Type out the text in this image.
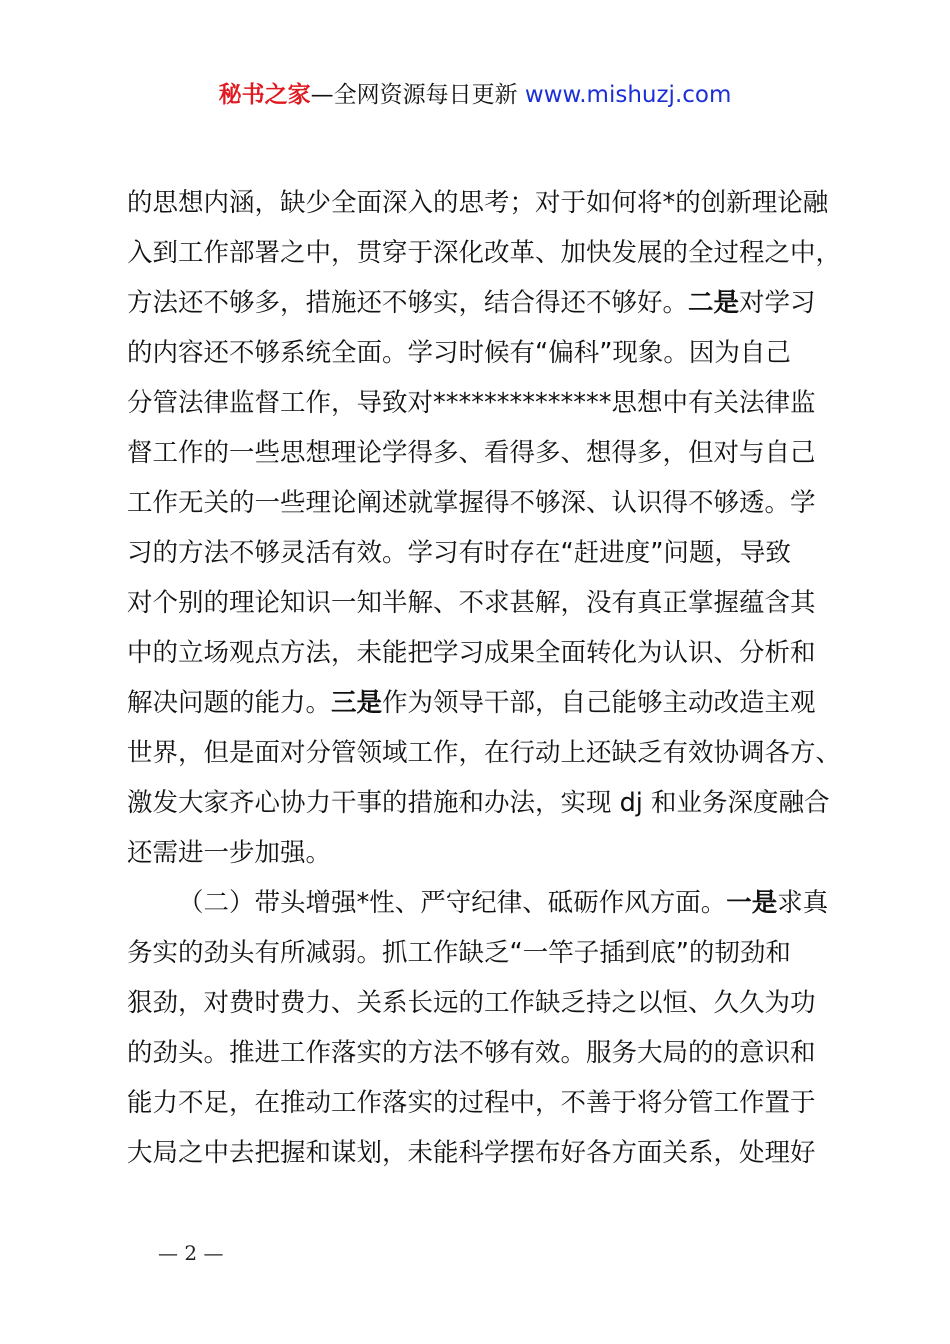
秘书之家—全网资源每日更新 www.mishuzj.com
的思想内涵，缺少全面深入的思考；对于如何将*的创新理论融
入到工作部署之中，贯穿于深化改革、加快发展的全过程之中，
方法还不够多，措施还不够实，结合得还不够好。二是对学习
的内容还不够系统全面。学习时候有“偏科”现象。因为自己
分管法律监督工作，导致对**************思想中有关法律监
督工作的一些思想理论学得多、看得多、想得多，但对与自己
工作无关的一些理论阐述就掌握得不够深、认识得不够透。学
习的方法不够灵活有效。学习有时存在“赶进度”问题，导致
对个别的理论知识一知半解、不求甚解，没有真正掌握蕴含其
中的立场观点方法，未能把学习成果全面转化为认识、分析和
解决问题的能力。三是作为领导干部，自己能够主动改造主观
世界，但是面对分管领域工作，在行动上还缺乏有效协调各方、
激发大家齐心协力干事的措施和办法，实现 dj 和业务深度融合
还需进一步加强。
（二）带头增强*性、严守纪律、砥砺作风方面。一是求真
务实的劲头有所减弱。抓工作缺乏“一竿子插到底”的韧劲和
狠劲，对费时费力、关系长远的工作缺乏持之以恒、久久为功
的劲头。推进工作落实的方法不够有效。服务大局的的意识和
能力不足，在推动工作落实的过程中，不善于将分管工作置于
大局之中去把握和谋划，未能科学摆布好各方面关系，处理好
— 2 —
